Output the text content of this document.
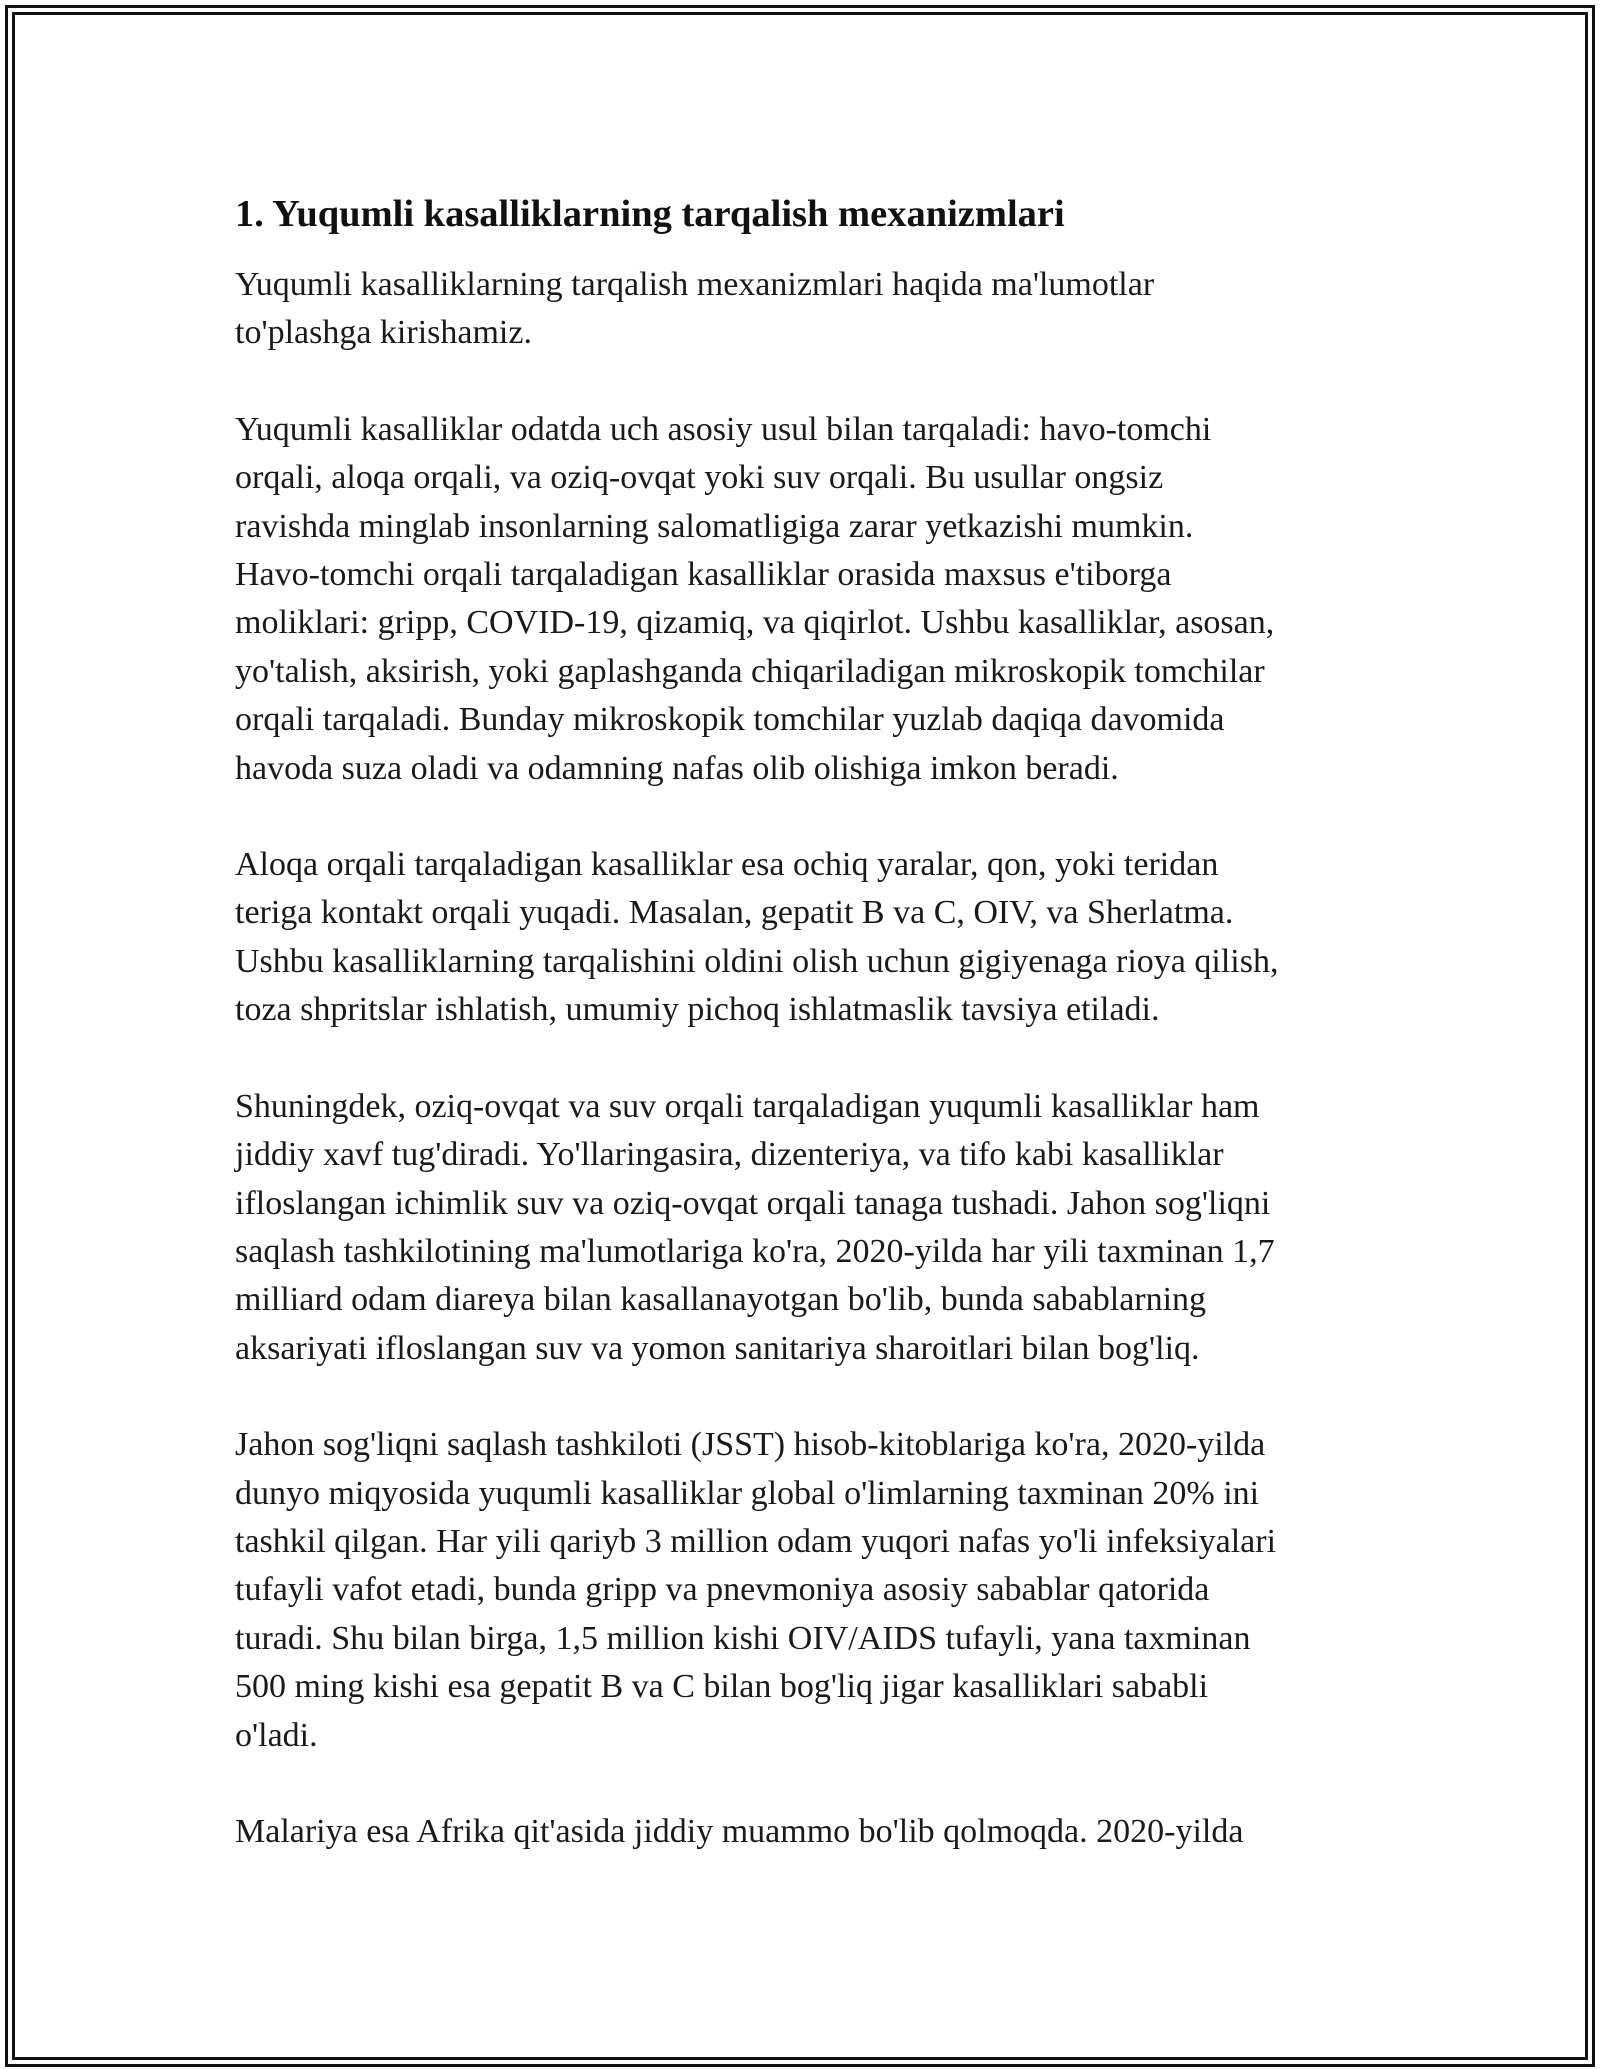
1. Yuqumli kasalliklarning tarqalish mexanizmlari

Yuqumli kasalliklarning tarqalish mexanizmlari haqida ma'lumotlar
to'plashga kirishamiz.

Yuqumli kasalliklar odatda uch asosiy usul bilan tarqaladi: havo-tomchi
orqali, aloqa orqali, va oziq-ovqat yoki suv orqali. Bu usullar ongsiz
ravishda minglab insonlarning salomatligiga zarar yetkazishi mumkin.
Havo-tomchi orqali tarqaladigan kasalliklar orasida maxsus e'tiborga
moliklari: gripp, COVID-19, qizamiq, va qiqirlot. Ushbu kasalliklar, asosan,
yo'talish, aksirish, yoki gaplashganda chiqariladigan mikroskopik tomchilar
orqali tarqaladi. Bunday mikroskopik tomchilar yuzlab daqiqa davomida
havoda suza oladi va odamning nafas olib olishiga imkon beradi.

Aloqa orqali tarqaladigan kasalliklar esa ochiq yaralar, qon, yoki teridan
teriga kontakt orqali yuqadi. Masalan, gepatit B va C, OIV, va Sherlatma.
Ushbu kasalliklarning tarqalishini oldini olish uchun gigiyenaga rioya qilish,
toza shpritslar ishlatish, umumiy pichoq ishlatmaslik tavsiya etiladi.

Shuningdek, oziq-ovqat va suv orqali tarqaladigan yuqumli kasalliklar ham
jiddiy xavf tug'diradi. Yo'llaringasira, dizenteriya, va tifo kabi kasalliklar
ifloslangan ichimlik suv va oziq-ovqat orqali tanaga tushadi. Jahon sog'liqni
saqlash tashkilotining ma'lumotlariga ko'ra, 2020-yilda har yili taxminan 1,7
milliard odam diareya bilan kasallanayotgan bo'lib, bunda sabablarning
aksariyati ifloslangan suv va yomon sanitariya sharoitlari bilan bog'liq.

Jahon sog'liqni saqlash tashkiloti (JSST) hisob-kitoblariga ko'ra, 2020-yilda
dunyo miqyosida yuqumli kasalliklar global o'limlarning taxminan 20% ini
tashkil qilgan. Har yili qariyb 3 million odam yuqori nafas yo'li infeksiyalari
tufayli vafot etadi, bunda gripp va pnevmoniya asosiy sabablar qatorida
turadi. Shu bilan birga, 1,5 million kishi OIV/AIDS tufayli, yana taxminan
500 ming kishi esa gepatit B va C bilan bog'liq jigar kasalliklari sababli
o'ladi.

Malariya esa Afrika qit'asida jiddiy muammo bo'lib qolmoqda. 2020-yilda
